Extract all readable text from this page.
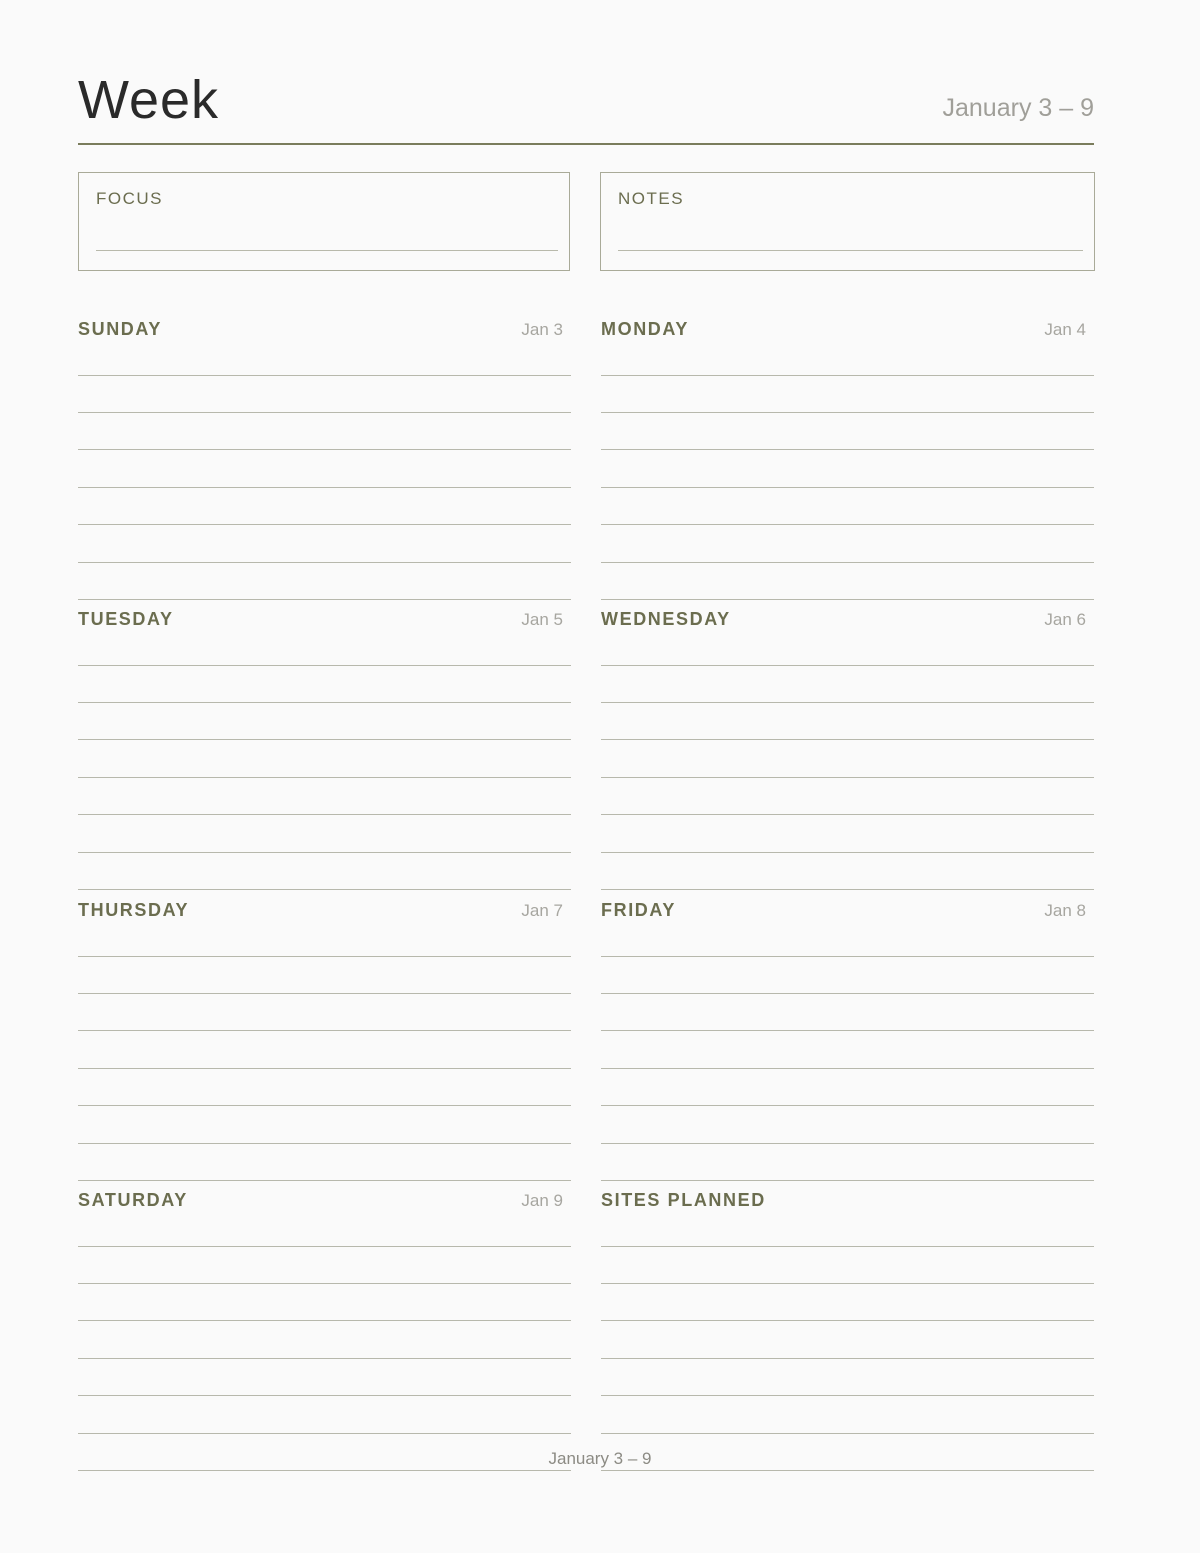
Week	January 3 – 9
FOCUS	NOTES
SUNDAY	Jan 3 MONDAY	Jan 4
TUESDAY	Jan 5 WEDNESDAY	Jan 6
THURSDAY	Jan 7 FRIDAY	Jan 8
SATURDAY	Jan 9 SITES PLANNED
January 3 – 9
